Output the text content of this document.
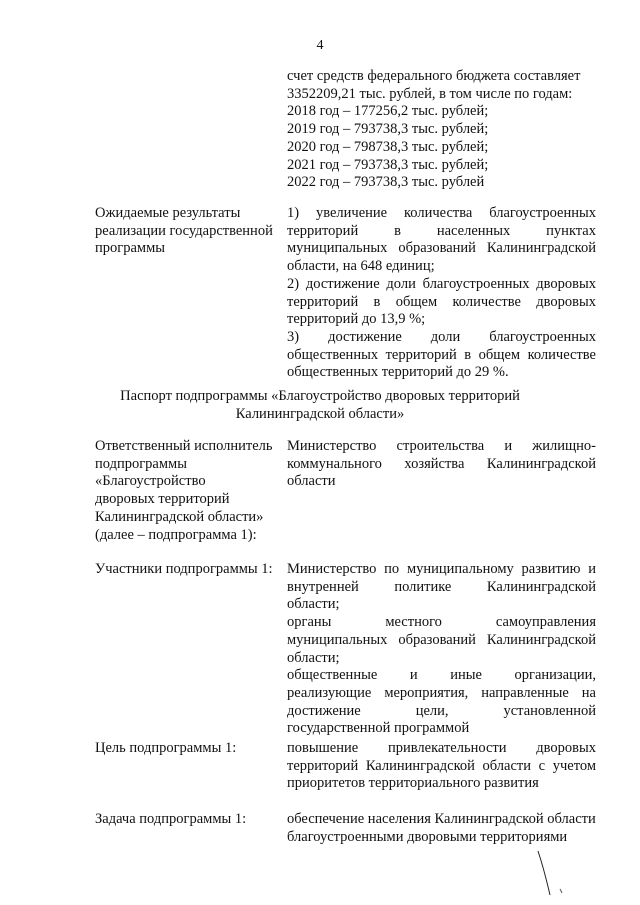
4
счет средств федерального бюджета составляет
3352209,21 тыс. рублей, в том числе по годам:
2018 год – 177256,2 тыс. рублей;
2019 год – 793738,3 тыс. рублей;
2020 год – 798738,3 тыс. рублей;
2021 год – 793738,3 тыс. рублей;
2022 год – 793738,3 тыс. рублей
Ожидаемые результаты
реализации государственной
программы
1) увеличение количества благоустроенных
территорий в населенных пунктах
муниципальных образований Калининградской
области, на 648 единиц;
2) достижение доли благоустроенных дворовых
территорий в общем количестве дворовых
территорий до 13,9 %;
3) достижение доли благоустроенных
общественных территорий в общем количестве
общественных территорий до 29 %.
Паспорт подпрограммы «Благоустройство дворовых территорий
Калининградской области»
Ответственный исполнитель
подпрограммы
«Благоустройство
дворовых территорий
Калининградской области»
(далее – подпрограмма 1):
Министерство строительства и жилищно-
коммунального хозяйства Калининградской
области
Участники подпрограммы 1: Министерство по муниципальному развитию и
внутренней политике Калининградской
области;
органы местного самоуправления
муниципальных образований Калининградской
области;
общественные и иные организации,
реализующие мероприятия, направленные на
достижение цели, установленной
государственной программой
Цель подпрограммы 1:	повышение привлекательности дворовых
территорий Калининградской области с учетом
приоритетов территориального развития
Задача подпрограммы 1:	обеспечение населения Калининградской области
благоустроенными дворовыми территориями
